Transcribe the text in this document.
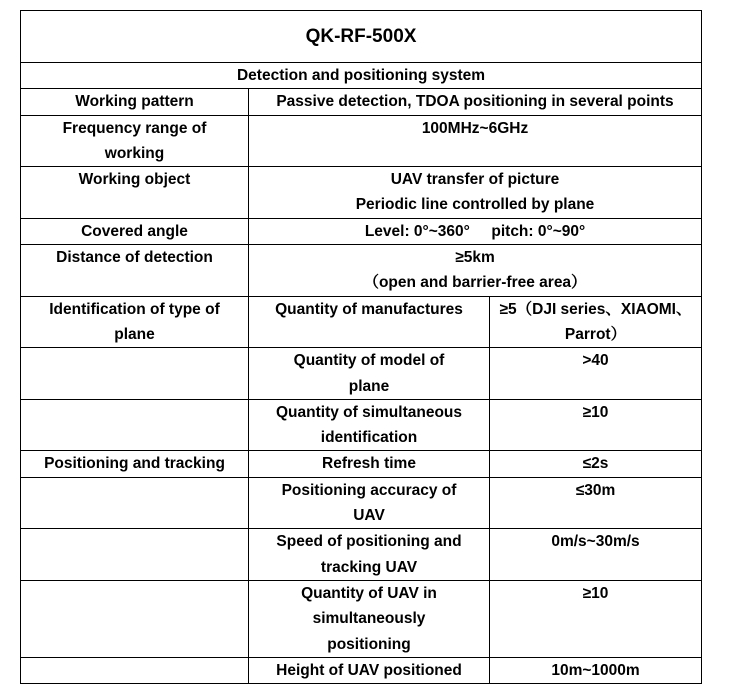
QK-RF-500X		
Detection and positioning system		
Working pattern	Passive detection, TDOA positioning in several points	

Frequency range of
working	100MHz~6GHz	
Working object	UAV transfer of picture
Periodic line controlled by plane	

Covered angle	Level: 0°~360°     pitch: 0°~90°	
Distance of detection	≥5km
（open and barrier-free area）	

Identification of type of
plane	Quantity of manufactures	≥5（DJI series、XIAOMI、
Parrot）

	Quantity of model of
plane	>40

	Quantity of simultaneous
identification	≥10
Positioning and tracking	Refresh time	≤2s

	Positioning accuracy of
UAV	≤30m

	Speed of positioning and
tracking UAV	0m/s~30m/s

	Quantity of UAV in
simultaneously
positioning	≥10
	Height of UAV positioned	10m~1000m
